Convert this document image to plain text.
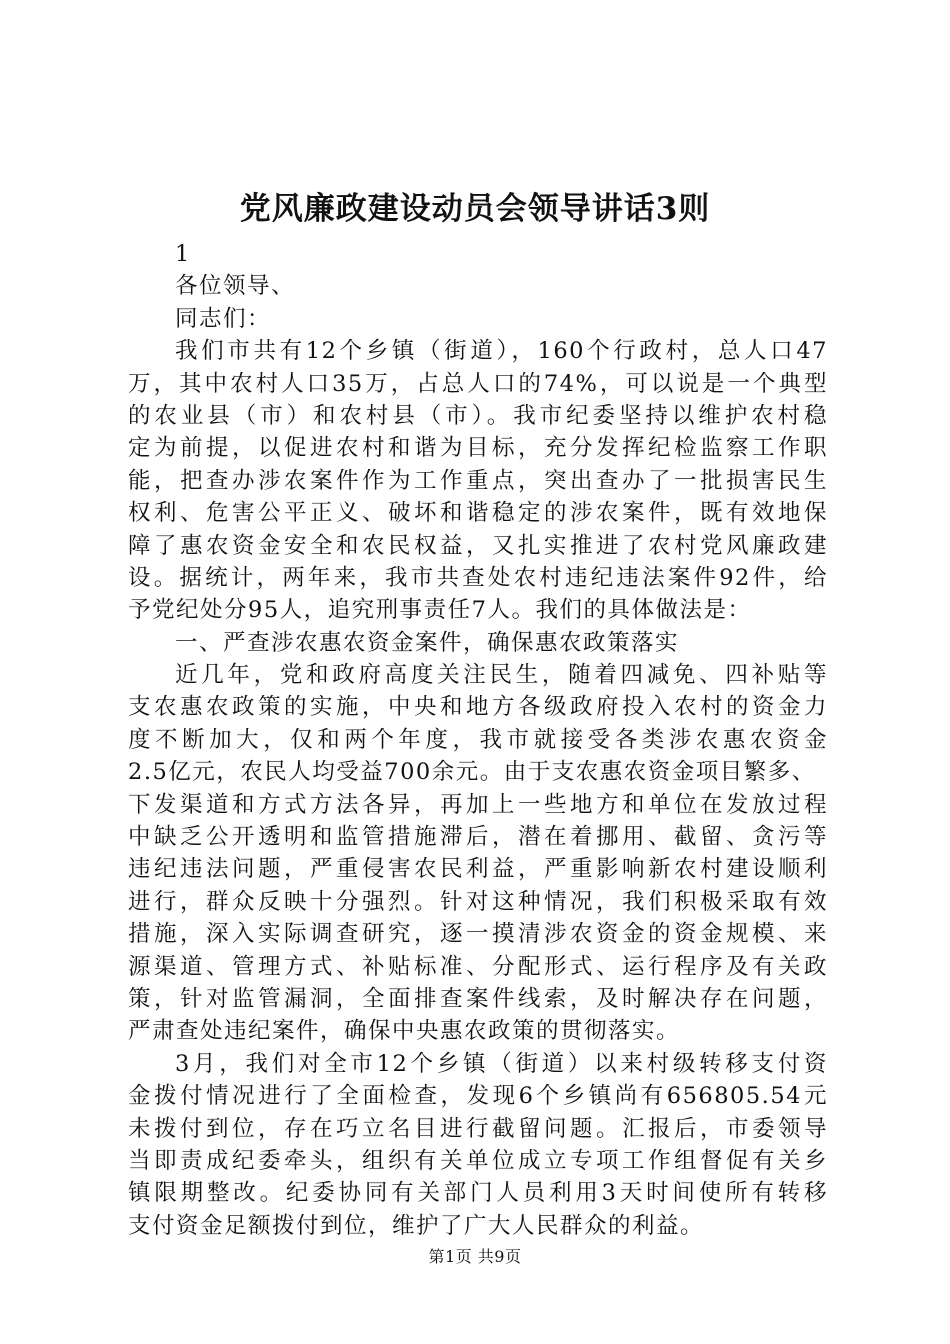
党风廉政建设动员会领导讲话3则
1
各位领导、
同志们：
我们市共有12个乡镇（街道），160个行政村，总人口47
万，其中农村人口35万，占总人口的74%，可以说是一个典型
的农业县（市）和农村县（市）。我市纪委坚持以维护农村稳
定为前提，以促进农村和谐为目标，充分发挥纪检监察工作职
能，把查办涉农案件作为工作重点，突出查办了一批损害民生
权利、危害公平正义、破坏和谐稳定的涉农案件，既有效地保
障了惠农资金安全和农民权益，又扎实推进了农村党风廉政建
设。据统计，两年来，我市共查处农村违纪违法案件92件，给
予党纪处分95人，追究刑事责任7人。我们的具体做法是：
一、严查涉农惠农资金案件，确保惠农政策落实
近几年，党和政府高度关注民生，随着四减免、四补贴等
支农惠农政策的实施，中央和地方各级政府投入农村的资金力
度不断加大，仅和两个年度，我市就接受各类涉农惠农资金
2.5亿元，农民人均受益700余元。由于支农惠农资金项目繁多、
下发渠道和方式方法各异，再加上一些地方和单位在发放过程
中缺乏公开透明和监管措施滞后，潜在着挪用、截留、贪污等
违纪违法问题，严重侵害农民利益，严重影响新农村建设顺利
进行，群众反映十分强烈。针对这种情况，我们积极采取有效
措施，深入实际调查研究，逐一摸清涉农资金的资金规模、来
源渠道、管理方式、补贴标准、分配形式、运行程序及有关政
策，针对监管漏洞，全面排查案件线索，及时解决存在问题，
严肃查处违纪案件，确保中央惠农政策的贯彻落实。
3月，我们对全市12个乡镇（街道）以来村级转移支付资
金拨付情况进行了全面检查，发现6个乡镇尚有656805.54元
未拨付到位，存在巧立名目进行截留问题。汇报后，市委领导
当即责成纪委牵头，组织有关单位成立专项工作组督促有关乡
镇限期整改。纪委协同有关部门人员利用3天时间使所有转移
支付资金足额拨付到位，维护了广大人民群众的利益。
第1页 共9页
